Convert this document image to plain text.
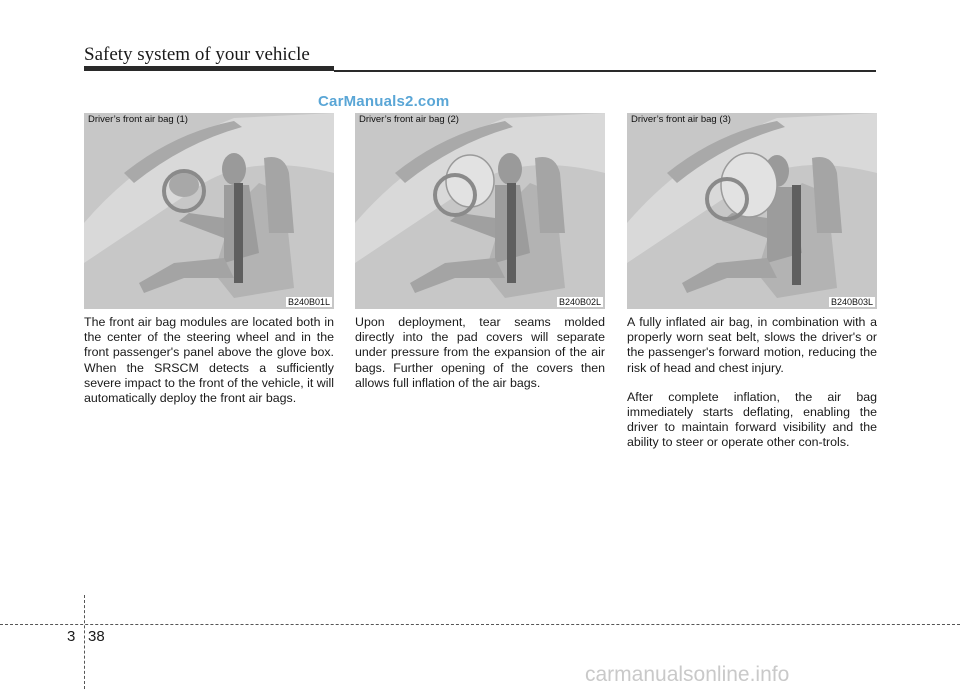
Safety system of your vehicle
CarManuals2.com
Driver’s front air bag (1)
B240B01L
Driver’s front air bag (2)
B240B02L
Driver’s front air bag (3)
B240B03L

The front air bag modules are located both in the center of the steering wheel and in the front passenger's panel above the glove box. When the SRSCM detects a sufficiently severe impact to the front of the vehicle, it will automatically deploy the front air bags.

Upon deployment, tear seams molded directly into the pad covers will separate under pressure from the expansion of the air bags. Further opening of the covers then allows full inflation of the air bags.

A fully inflated air bag, in combination with a properly worn seat belt, slows the driver's or the passenger's forward motion, reducing the risk of head and chest injury.

After complete inflation, the air bag immediately starts deflating, enabling the driver to maintain forward visibility and the ability to steer or operate other con-trols.

3 38
carmanualsonline.info
